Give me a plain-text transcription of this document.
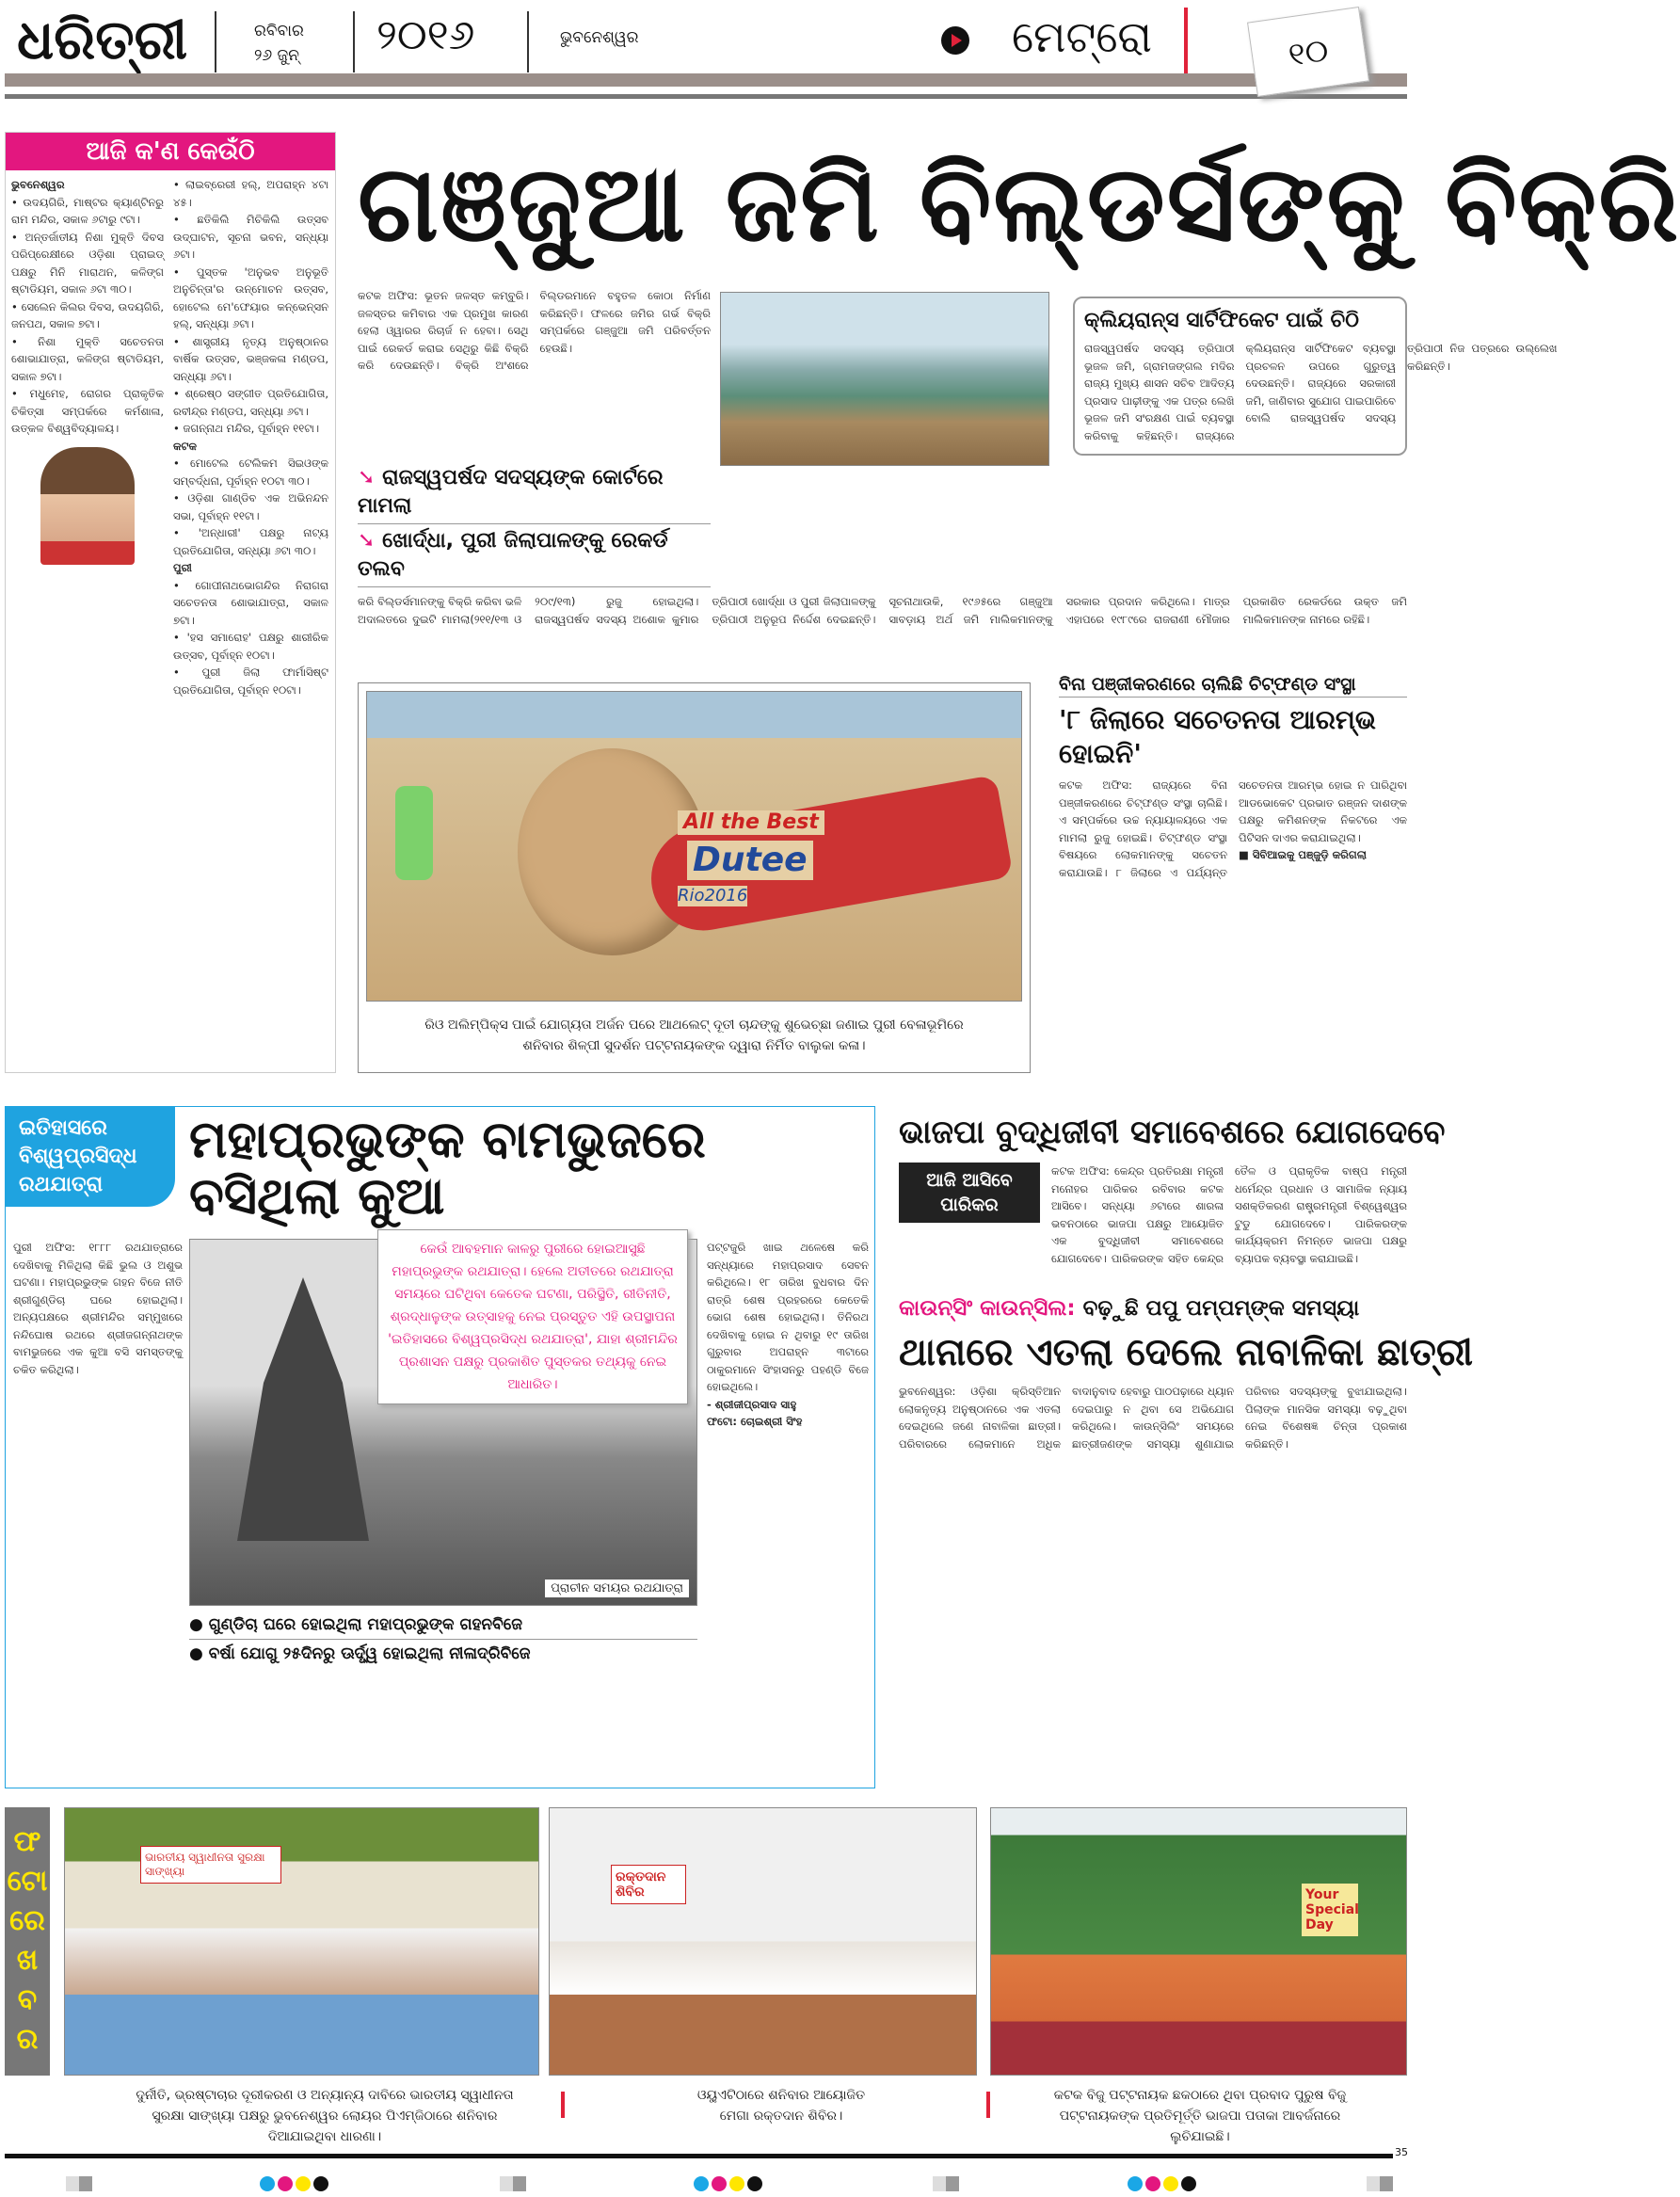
ଧରିତ୍ରୀ	ରବିବାର
୨୬ ଜୁନ୍ ୨୦୧୬	ଭୁବନେଶ୍ୱର	ମେଟ୍ରୋ	୧୦
ଆଜି କ'ଣ କେଉଁଠି
ଭୁବନେଶ୍ୱର
• ଉଦୟଗିରି, ମାଷ୍ଟର କ୍ୟାଣ୍ଟିନରୁ ରାମ ମନ୍ଦିର, ସକାଳ ୬ଟାରୁ ୯ଟା।
• ଅନ୍ତର୍ଜାତୀୟ ନିଶା ମୁକ୍ତି ଦିବସ ପରିପ୍ରେକ୍ଷୀରେ ଓଡ଼ିଶା ପ୍ରାଇଡ୍ ପକ୍ଷରୁ ମିନି ମାରାଥନ, କଳିଙ୍ଗ ଷ୍ଟାଡିୟମ, ସକାଳ ୬ଟା ୩୦।
• ସେଲେନ କିଲର ଦିବସ, ଉଦୟଗିରି, ଜନପଥ, ସକାଳ ୭ଟା।
• ନିଶା ମୁକ୍ତି ସଚେତନତା ଶୋଭାଯାତ୍ରା, କଳିଙ୍ଗ ଷ୍ଟାଡିୟମ, ସକାଳ ୭ଟା।
• ମଧୁମେହ, ରୋଗର ପ୍ରାକୃତିକ ଚିକିତ୍ସା ସମ୍ପର୍କରେ କର୍ମଶାଳା, ଉତ୍କଳ ବିଶ୍ୱବିଦ୍ୟାଳୟ।
• ଲାଇବ୍ରେରୀ ହଲ୍, ଅପରାହ୍ନ ୪ଟା ୪୫।
• ଛତିକିଲି ମିଚିକିଲି ଉତ୍ସବ ଉଦ୍‌ଘାଟନ, ସୂଚନା ଭବନ, ସନ୍ଧ୍ୟା ୬ଟା।
• ପୁସ୍ତକ 'ଅନୁଭବ ଅନୁଭୂତି ଅନୁଚିନ୍ତା'ର ଉନ୍ମୋଚନ ଉତ୍ସବ, ହୋଟେଲ ମେ'ଫେୟାର କନ୍‌ଭେନ୍‌ସନ ହଲ୍, ସନ୍ଧ୍ୟା ୬ଟା।
• ଶାସ୍ତ୍ରୀୟ ନୃତ୍ୟ ଅନୁଷ୍ଠାନର ବାର୍ଷିକ ଉତ୍ସବ, ଭଞ୍ଜକଳା ମଣ୍ଡପ, ସନ୍ଧ୍ୟା ୬ଟା।
• ଶ୍ରେଷ୍ଠ ସଙ୍ଗୀତ ପ୍ରତିଯୋଗିତା, ରବୀନ୍ଦ୍ର ମଣ୍ଡପ, ସନ୍ଧ୍ୟା ୬ଟା।
• ଜଗନ୍ନାଥ ମନ୍ଦିର, ପୂର୍ବାହ୍ନ ୧୧ଟା।
କଟକ
• ମୋଟେଲ ଟେଲିକମ ସିଇଓଙ୍କ ସମ୍ବର୍ଦ୍ଧନା, ପୂର୍ବାହ୍ନ ୧୦ଟା ୩୦।
• ଓଡ଼ିଶା ଗାଣ୍ଡିବ ଏକ ଅଭିନନ୍ଦନ ସଭା, ପୂର୍ବାହ୍ନ ୧୧ଟା।
• 'ଅନ୍ଧାରୀ' ପକ୍ଷରୁ ନାଟ୍ୟ ପ୍ରତିଯୋଗିତା, ସନ୍ଧ୍ୟା ୬ଟା ୩୦।
ପୁରୀ
• ଗୋପୀନାଥଭୋଗନ୍ଦିର ନିରାଗରା ସଚେତନତା ଶୋଭାଯାତ୍ରା, ସକାଳ ୭ଟା।
• 'ହସ ସମାରୋହ' ପକ୍ଷରୁ ଶାରୀରିକ ଉତ୍ସବ, ପୂର୍ବାହ୍ନ ୧୦ଟା।
• ପୁରୀ ଜିଲା ଫାର୍ମାସିଷ୍ଟ ପ୍ରତିଯୋଗିତା, ପୂର୍ବାହ୍ନ ୧୦ଟା।
ଗଞ୍ଜୁଆ ଜମି ବିଲ୍‌ଡର୍ସଙ୍କୁ ବିକ୍ରି
କଟକ ଅଫିସ: ଭୂତନ ଜଳସ୍ତ କମ୍ବୁରି। ଜଳସ୍ତର କମିବାର ଏକ ପ୍ରମୁଖ କାରଣ ହେଲା ଓ୍ୱାରର ରିଚାର୍ଜ ନ ହେବା। ସେଥି ପାଇଁ ରେକର୍ଡ କରାଇ ସେଥିରୁ କିଛି ବିକ୍ରି କରି ଦେଉଛନ୍ତି। ବିକ୍ରି ଅଂଶରେ ବିଲ୍‌ଡରମାନେ ବହୁତଳ କୋଠା ନିର୍ମାଣ କରିଛନ୍ତି। ଫଳରେ ଜମିର ଗର୍ଭ ବିକ୍ରି ସମ୍ପର୍କରେ ଗଞ୍ଜୁଆ ଜମି ପରିବର୍ତ୍ତନ ହେଉଛି।
କ୍ଲିୟରାନ୍ସ ସାର୍ଟିଫିକେଟ ପାଇଁ ଚିଠି
ରାଜସ୍ୱପର୍ଷଦ ସଦସ୍ୟ ତ୍ରିପାଠୀ ଭୂଜଳ ଜମି, ଗ୍ରାମଜଙ୍ଗଲ ମଦିର ରାଜ୍ୟ ମୁଖ୍ୟ ଶାସନ ସଚିବ ଆଦିତ୍ୟ ପ୍ରସାଦ ପାଢ଼ୀଙ୍କୁ ଏକ ପତ୍ର ଲେଖି ଭୂଜଳ ଜମି ସଂରକ୍ଷଣ ପାଇଁ ବ୍ୟବସ୍ଥା କରିବାକୁ କହିଛନ୍ତି। ରାଜ୍ୟରେ କ୍ଲିୟରାନ୍ସ ସାର୍ଟିଫିକେଟ ବ୍ୟବସ୍ଥା ପ୍ରଚଳନ ଉପରେ ଗୁରୁତ୍ୱ ଦେଉଛନ୍ତି। ରାଜ୍ୟରେ ସରକାରୀ ଜମି, ଜାଣିବାର ସୁଯୋଗ ପାଇପାରିବେ ବୋଲି ରାଜସ୍ୱପର୍ଷଦ ସଦସ୍ୟ ତ୍ରିପାଠୀ ନିଜ ପତ୍ରରେ ଉଲ୍ଲେଖ କରିଛନ୍ତି।
➘ ରାଜସ୍ୱପର୍ଷଦ ସଦସ୍ୟଙ୍କ କୋର୍ଟରେ ମାମଲା
➘ ଖୋର୍ଦ୍ଧା, ପୁରୀ ଜିଲାପାଳଙ୍କୁ ରେକର୍ଡ ତଲବ
କରି ବିଲ୍‌ଡର୍ସମାନଙ୍କୁ ବିକ୍ରି କରିବା ଭଳି ଅଦାଲତରେ ଦୁଇଟି ମାମଲା(୨୧୧/୧୩ ଓ ୨୦୯/୧୩) ରୁଜୁ ହୋଇଥିଲା। ରାଜସ୍ୱପର୍ଷଦ ସଦସ୍ୟ ଅଶୋକ କୁମାର ତ୍ରିପାଠୀ ଖୋର୍ଦ୍ଧା ଓ ପୁରୀ ଜିଲାପାଳଙ୍କୁ ତ୍ରିପାଠୀ ଅନୁରୂପ ନିର୍ଦ୍ଦେଶ ଦେଇଛନ୍ତି। ସୂଚନାଥାଉକି, ୧୯୬୫ରେ ଗଞ୍ଜୁଆ ସାବଡ଼ାୟ ଅର୍ଥ ଜମି ମାଲିକମାନଙ୍କୁ ସରକାର ପ୍ରଦାନ କରିଥିଲେ। ମାତ୍ର ଏହାପରେ ୧୯୮୯ରେ ରାଜରାଣୀ ମୌଜାର ପ୍ରକାଶିତ ରେକର୍ଡରେ ଉକ୍ତ ଜମି ମାଲିକମାନଙ୍କ ନାମରେ ରହିଛି।
All the Best
Dutee
Rio2016
ରିଓ ଅଲିମ୍ପିକ୍ସ ପାଇଁ ଯୋଗ୍ୟତା ଅର୍ଜନ ପରେ ଆଥଲେଟ୍ ଦୂତୀ ଚାନ୍ଦଙ୍କୁ ଶୁଭେଚ୍ଛା ଜଣାଇ ପୁରୀ ବେଳାଭୂମିରେ ଶନିବାର ଶିଳ୍ପୀ ସୁଦର୍ଶନ ପଟ୍ଟନାୟକଙ୍କ ଦ୍ୱାରା ନିର୍ମିତ ବାଲୁକା କଳା।
ବିନା ପଞ୍ଜୀକରଣରେ ଚାଲିଛି ଚିଟ୍‌ଫଣ୍ଡ ସଂସ୍ଥା
'୮ ଜିଲାରେ ସଚେତନତା ଆରମ୍ଭ ହୋଇନି'
କଟକ ଅଫିସ: ରାଜ୍ୟରେ ବିନା ପଞ୍ଜୀକରଣରେ ଚିଟ୍‌ଫଣ୍ଡ ସଂସ୍ଥା ଚାଲିଛି। ଏ ସମ୍ପର୍କରେ ଉଚ୍ଚ ନ୍ୟାୟାଳୟରେ ଏକ ମାମଲା ରୁଜୁ ହୋଇଛି। ଚିଟ୍‌ଫଣ୍ଡ ସଂସ୍ଥା ବିଷୟରେ ଲୋକମାନଙ୍କୁ ସଚେତନ କରାଯାଉଛି। ୮ ଜିଲାରେ ଏ ପର୍ଯ୍ୟନ୍ତ ସଚେତନତା ଆରମ୍ଭ ହୋଇ ନ ପାରିଥିବା ଆଡଭୋକେଟ ପ୍ରଭାତ ରଞ୍ଜନ ଦାଶଙ୍କ ପକ୍ଷରୁ କମିଶନଙ୍କ ନିକଟରେ ଏକ ପିଟିସନ ଦାଏର କରାଯାଇଥିଲା।
■ ସିବିଆଇକୁ ପଞ୍ଜୁଡ଼ି କରିଗଲା
ଇତିହାସରେ ବିଶ୍ୱପ୍ରସିଦ୍ଧ ରଥଯାତ୍ରା
ମହାପ୍ରଭୁଙ୍କ ବାମଭୁଜରେ ବସିଥିଲା କୁଆ
ପୁରୀ ଅଫିସ: ୧୮୮୮ ରଥଯାତ୍ରାରେ ଦେଖିବାକୁ ମିଳିଥିଲା କିଛି ଭୁଲ ଓ ଅଶୁଭ ଘଟଣା। ମହାପ୍ରଭୁଙ୍କ ଗହନ ବିଜେ ନୀତି ଶ୍ରୀଗୁଣ୍ଡିଚା ଘରେ ହୋଇଥିଲା। ଅନ୍ୟପକ୍ଷରେ ଶ୍ରୀମନ୍ଦିର ସମ୍ମୁଖରେ ନନ୍ଦିଘୋଷ ରଥରେ ଶ୍ରୀଜଗନ୍ନାଥଙ୍କ ବାମଭୁଜରେ ଏକ କୁଆ ବସି ସମସ୍ତଙ୍କୁ ଚକିତ କରିଥିଲା।
ପ୍ରାଚୀନ ସମୟର ରଥଯାତ୍ରା
କେଉଁ ଆବହମାନ କାଳରୁ ପୁରୀରେ ହୋଇଆସୁଛି ମହାପ୍ରଭୁଙ୍କ ରଥଯାତ୍ରା। ହେଲେ ଅତୀତରେ ରଥଯାତ୍ରା ସମୟରେ ଘଟିଥିବା କେତେକ ଘଟଣା, ପରିସ୍ଥିତି, ରୀତିନୀତି, ଶ୍ରଦ୍ଧାଳୁଙ୍କ ଉତ୍ସାହକୁ ନେଇ ପ୍ରସ୍ତୁତ ଏହି ଉପସ୍ଥାପନା 'ଇତିହାସରେ ବିଶ୍ୱପ୍ରସିଦ୍ଧ ରଥଯାତ୍ରା', ଯାହା ଶ୍ରୀମନ୍ଦିର ପ୍ରଶାସନ ପକ୍ଷରୁ ପ୍ରକାଶିତ ପୁସ୍ତକର ତଥ୍ୟକୁ ନେଇ ଆଧାରିତ।
ପଟ୍ଟଜୁରି ଖାଇ ଥଳେଷେ କରି ସନ୍ଧ୍ୟାରେ ମହାପ୍ରସାଦ ସେବନ କରିଥିଲେ। ୧୮ ତାରିଖ ବୁଧବାର ଦିନ ରାତ୍ରି ଶେଷ ପ୍ରହରରେ କେତେକି ଭୋଗ ଶେଷ ହୋଇଥିଲା। ତିନିରଥ ଦେଖିବାକୁ ହୋଇ ନ ଥିବାରୁ ୧୯ ତାରିଖ ଗୁରୁବାର ଅପରାହ୍ନ ୩ଟାରେ ଠାକୁରମାନେ ସିଂହାସନରୁ ପହଣ୍ଡି ବିଜେ ହୋଇଥିଲେ।
- ଶ୍ରୀଜୀପ୍ରସାଦ ସାହୁ
ଫଟୋ: ଚୋଇଶ୍ରୀ ସିଂହ
● ଗୁଣ୍ଡିଚା ଘରେ ହୋଇଥିଲା ମହାପ୍ରଭୁଙ୍କ ଗହନବିଜେ
● ବର୍ଷା ଯୋଗୁ ୨୫ଦିନରୁ ଊର୍ଦ୍ଧ୍ୱ ହୋଇଥିଲା ନୀଳାଦ୍ରିବିଜେ
ଭାଜପା ବୁଦ୍ଧିଜୀବୀ ସମାବେଶରେ ଯୋଗଦେବେ
ଆଜି ଆସିବେ ପାରିକର
କଟକ ଅଫିସ: କେନ୍ଦ୍ର ପ୍ରତିରକ୍ଷା ମନ୍ତ୍ରୀ ମନୋହର ପାରିକର ରବିବାର କଟକ ଆସିବେ। ସନ୍ଧ୍ୟା ୬ଟାରେ ଶାରଳା ଭବନଠାରେ ଭାଜପା ପକ୍ଷରୁ ଆୟୋଜିତ ଏକ ବୁଦ୍ଧିଜୀବୀ ସମାବେଶରେ ଯୋଗଦେବେ। ପାରିକରଙ୍କ ସହିତ କେନ୍ଦ୍ର ତୈଳ ଓ ପ୍ରାକୃତିକ ବାଷ୍ପ ମନ୍ତ୍ରୀ ଧର୍ମେନ୍ଦ୍ର ପ୍ରଧାନ ଓ ସାମାଜିକ ନ୍ୟାୟ ସଶକ୍ତିକରଣ ରାଷ୍ଟ୍ରମନ୍ତ୍ରୀ ବିଶ୍ୱେଶ୍ୱର ଟୁଡୁ ଯୋଗଦେବେ। ପାରିକରଙ୍କ କାର୍ଯ୍ୟକ୍ରମ ନିମନ୍ତେ ଭାଜପା ପକ୍ଷରୁ ବ୍ୟାପକ ବ୍ୟବସ୍ଥା କରାଯାଇଛି।
କାଉନ୍ସିଂ କାଉନ୍ସିଲ: ବଢ଼ୁଛି ପପୁ ପମ୍‌ପମ୍‌ଙ୍କ ସମସ୍ୟା
ଥାନାରେ ଏତଲା ଦେଲେ ନାବାଳିକା ଛାତ୍ରୀ
ଭୁବନେଶ୍ୱର: ଓଡ଼ିଶା କ୍ରିସ୍ତିଆନ ଲୋକନୃତ୍ୟ ଅନୁଷ୍ଠାନରେ ଏକ ଏତଲା ଦେଇଥିଲେ ଜଣେ ନାବାଳିକା ଛାତ୍ରୀ। ପରିବାରରେ ଲୋକମାନେ ଅଧିକ ବାଦାନୁବାଦ ହେବାରୁ ପାଠପଢ଼ାରେ ଧ୍ୟାନ ଦେଇପାରୁ ନ ଥିବା ସେ ଅଭିଯୋଗ କରିଥିଲେ। କାଉନ୍ସିଲିଂ ସମୟରେ ଛାତ୍ରୀଜଣଙ୍କ ସମସ୍ୟା ଶୁଣାଯାଇ ପରିବାର ସଦସ୍ୟଙ୍କୁ ବୁଝାଯାଇଥିଲା। ପିଲାଙ୍କ ମାନସିକ ସମସ୍ୟା ବଢ଼ୁଥିବା ନେଇ ବିଶେଷଜ୍ଞ ଚିନ୍ତା ପ୍ରକାଶ କରିଛନ୍ତି।
ଫ
ଟୋ
ରେ
ଖ
ବ
ର
ଭାରତୀୟ ସ୍ୱାଧୀନତା ସୁରକ୍ଷା ସାଙ୍ଖ୍ୟା	ରକ୍ତଦାନ ଶିବିର	Your Special Day
ଦୁର୍ନୀତି, ଭ୍ରଷ୍ଟାଚାର ଦୂରୀକରଣ ଓ ଅନ୍ୟାନ୍ୟ ଦାବିରେ ଭାରତୀୟ ସ୍ୱାଧୀନତା ସୁରକ୍ଷା ସାଙ୍ଖ୍ୟା ପକ୍ଷରୁ ଭୁବନେଶ୍ୱର ଲୋୟର ପିଏମ୍‌ଜିଠାରେ ଶନିବାର ଦିଆଯାଇଥିବା ଧାରଣା।
ଓୟୁଏଟିଠାରେ ଶନିବାର ଆୟୋଜିତ ମେଗା ରକ୍ତଦାନ ଶିବିର।
କଟକ ବିଜୁ ପଟ୍ଟନାୟକ ଛକଠାରେ ଥିବା ପ୍ରବାଦ ପୁରୁଷ ବିଜୁ ପଟ୍ଟନାୟକଙ୍କ ପ୍ରତିମୂର୍ତ୍ତି ଭାଜପା ପତାକା ଆବର୍ଜନାରେ ଲୁଚିଯାଇଛି।
35
